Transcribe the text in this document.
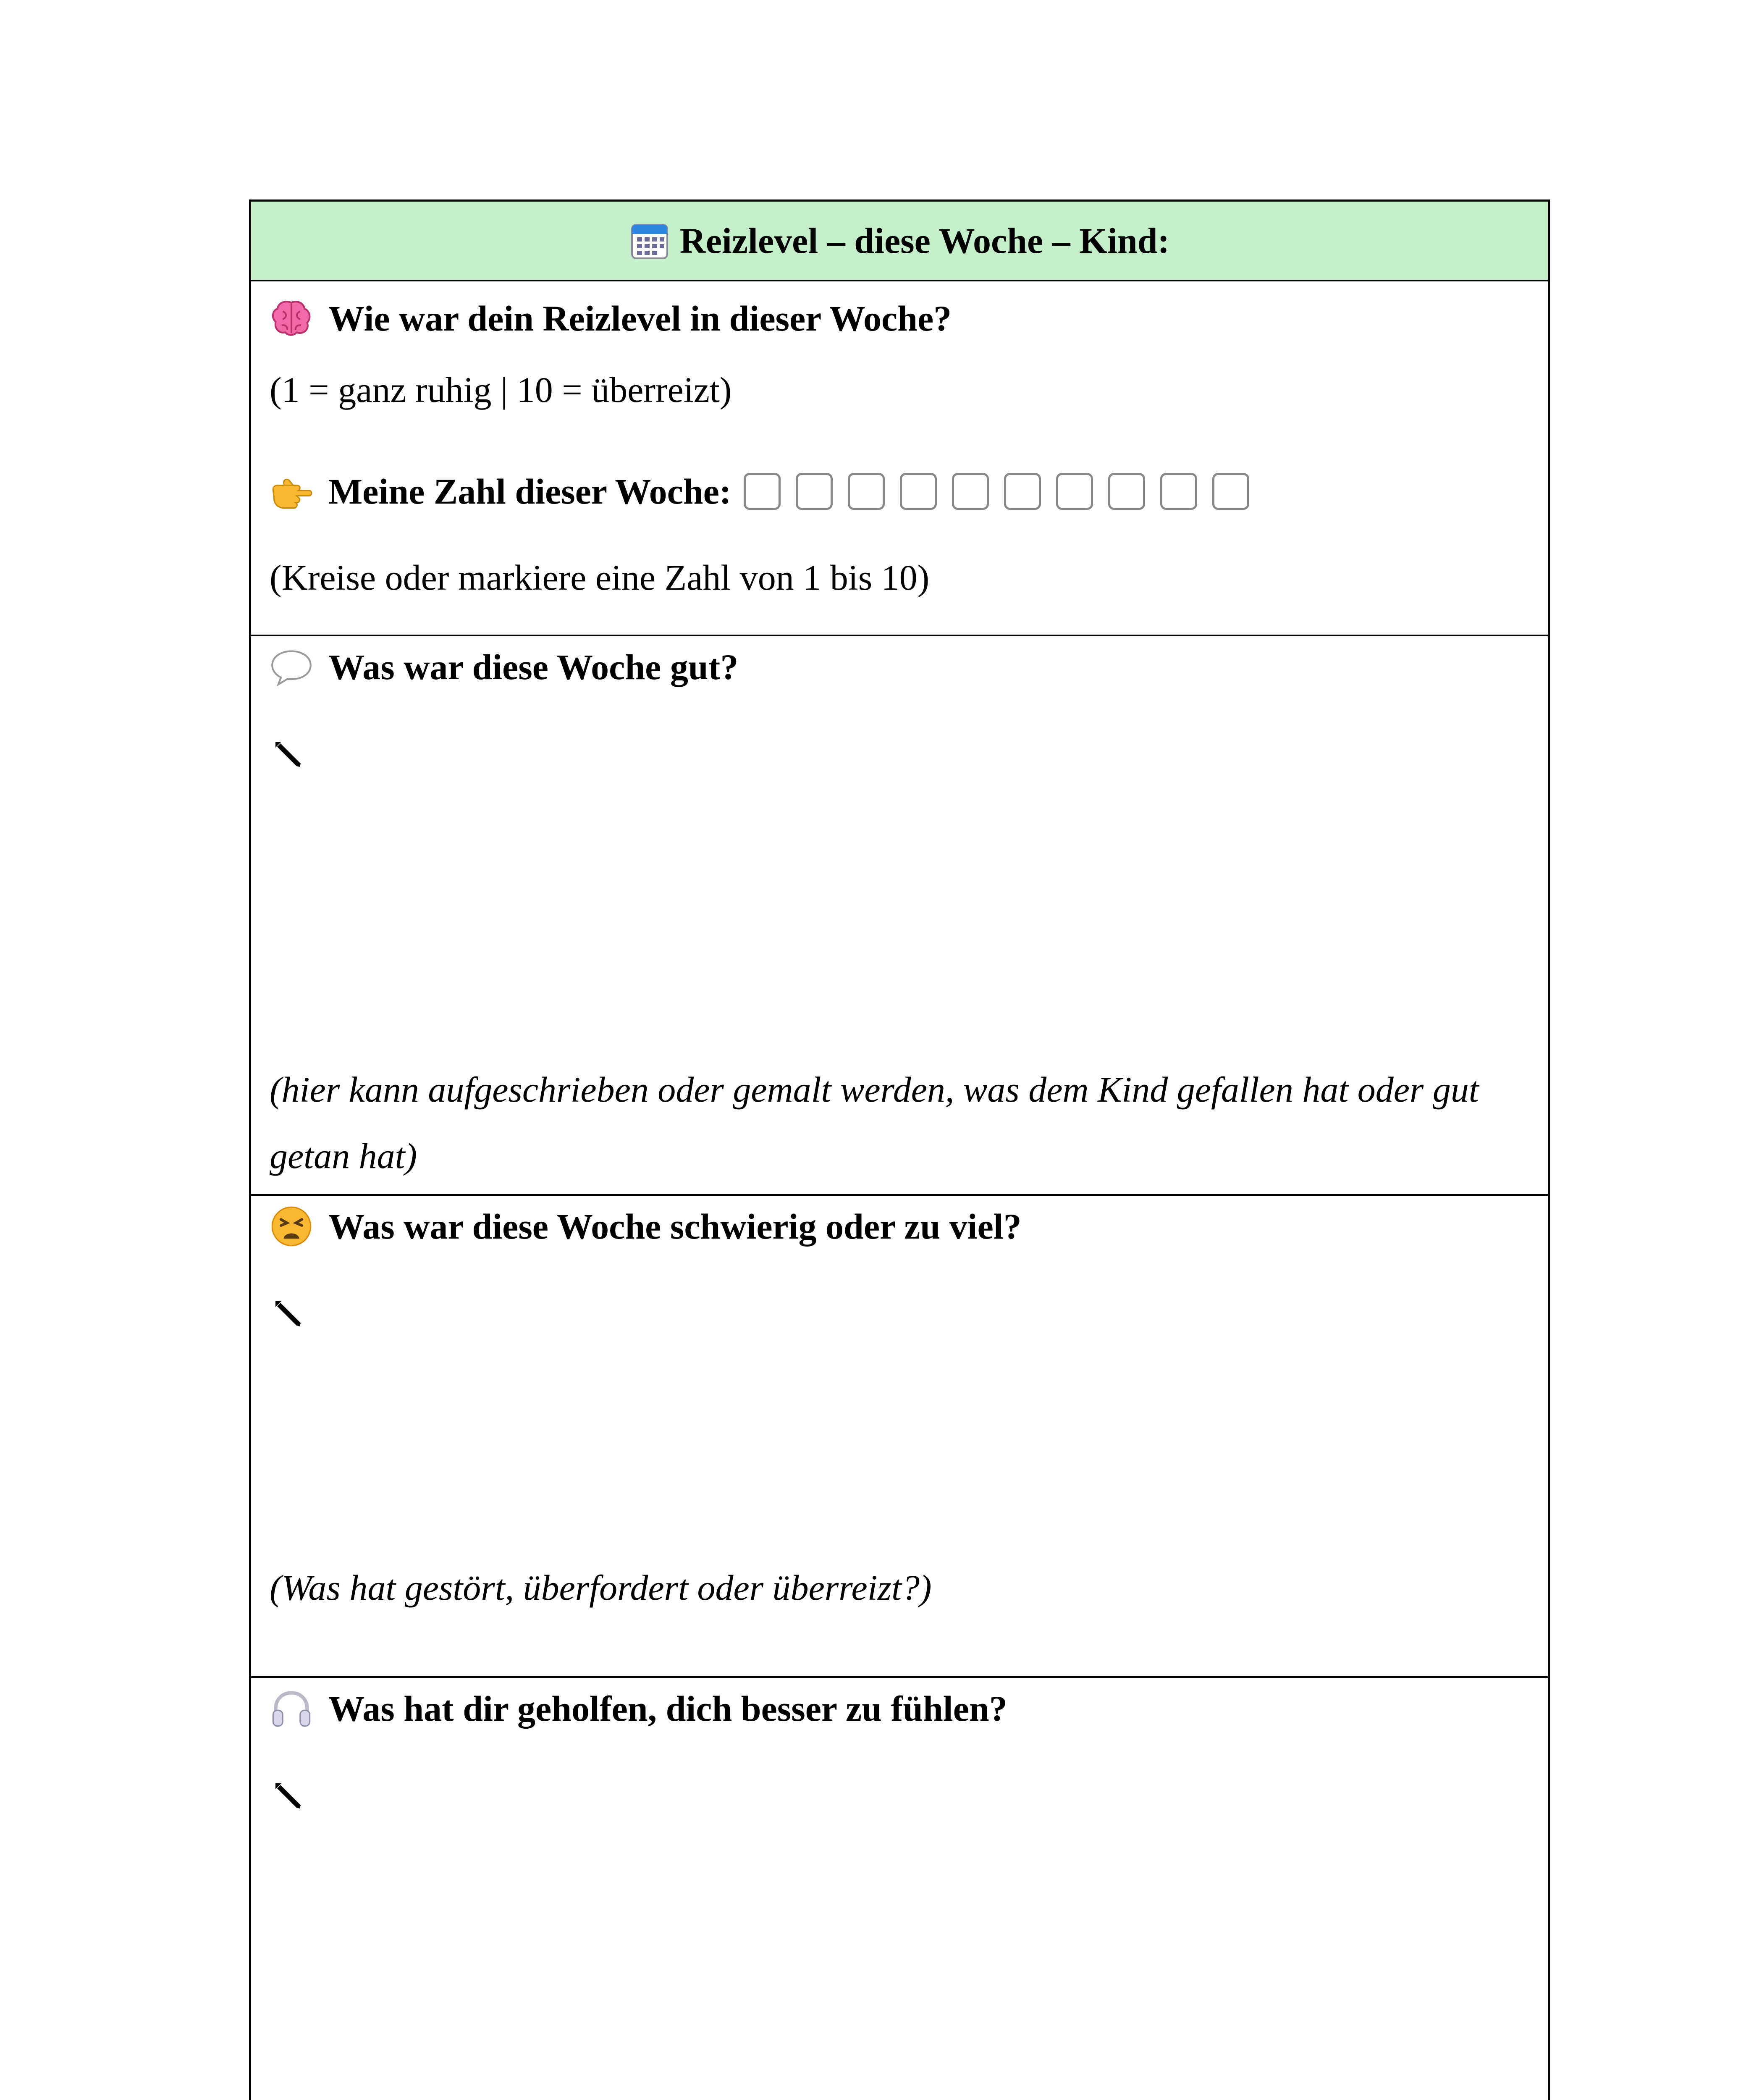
Reizlevel – diese Woche – Kind:
Wie war dein Reizlevel in dieser Woche?
(1 = ganz ruhig | 10 = überreizt)
Meine Zahl dieser Woche:
(Kreise oder markiere eine Zahl von 1 bis 10)
Was war diese Woche gut?
(hier kann aufgeschrieben oder gemalt werden, was dem Kind gefallen hat oder gut getan hat)
Was war diese Woche schwierig oder zu viel?
(Was hat gestört, überfordert oder überreizt?)
Was hat dir geholfen, dich besser zu fühlen?
